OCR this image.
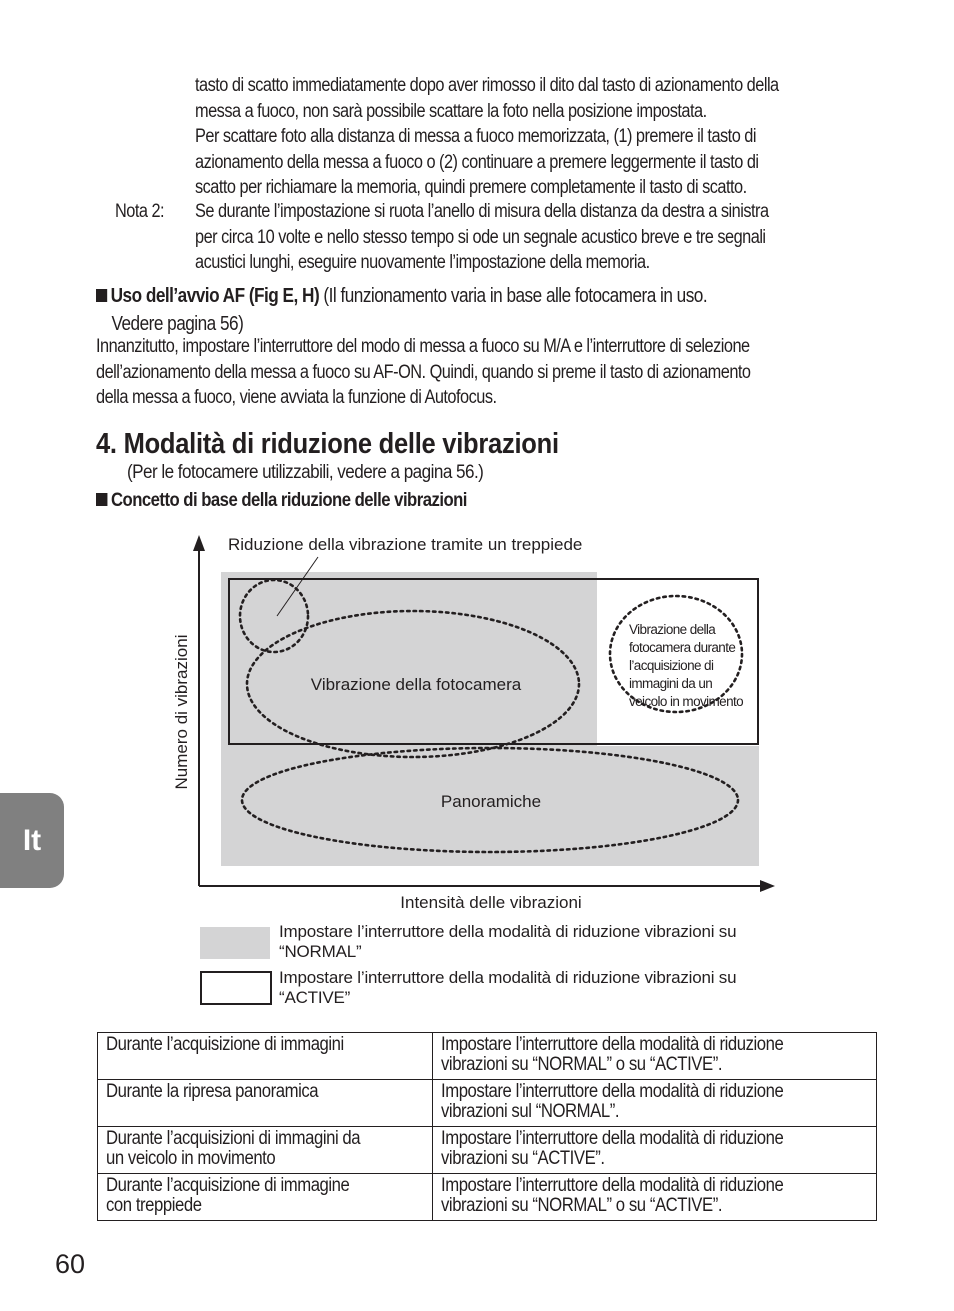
tasto di scatto immediatamente dopo aver rimosso il dito dal tasto di azionamento della
messa a fuoco, non sarà possibile scattare la foto nella posizione impostata.
Per scattare foto alla distanza di messa a fuoco memorizzata, (1) premere il tasto di
azionamento della messa a fuoco o (2) continuare a premere leggermente il tasto di
scatto per richiamare la memoria, quindi premere completamente il tasto di scatto.
Nota 2: Se durante l’impostazione si ruota l’anello di misura della distanza da destra a sinistra
per circa 10 volte e nello stesso tempo si ode un segnale acustico breve e tre segnali
acustici lunghi, eseguire nuovamente l’impostazione della memoria.
Uso dell’avvio AF (Fig E, H) (Il funzionamento varia in base alle fotocamera in uso.
Vedere pagina 56)
Innanzitutto, impostare l’interruttore del modo di messa a fuoco su M/A e l’interruttore di selezione
dell’azionamento della messa a fuoco su AF-ON. Quindi, quando si preme il tasto di azionamento
della messa a fuoco, viene avviata la funzione di Autofocus.
4. Modalità di riduzione delle vibrazioni
(Per le fotocamere utilizzabili, vedere a pagina 56.)
Concetto di base della riduzione delle vibrazioni
Riduzione della vibrazione tramite un treppiede
Vibrazione della fotocamera
Panoramiche
Vibrazione della
fotocamera durante
l’acquisizione di
immagini da un
veicolo in movimento
Numero di vibrazioni
Intensità delle vibrazioni
Impostare l’interruttore della modalità di riduzione vibrazioni su “NORMAL”
Impostare l’interruttore della modalità di riduzione vibrazioni su “ACTIVE”
Durante l’acquisizione di immagini	Impostare l’interruttore della modalità di riduzione
vibrazioni su “NORMAL” o su “ACTIVE”.
Durante la ripresa panoramica	Impostare l’interruttore della modalità di riduzione
vibrazioni sul “NORMAL”.
Durante l’acquisizioni di immagini da
un veicolo in movimento	Impostare l’interruttore della modalità di riduzione
vibrazioni su “ACTIVE”.
Durante l’acquisizione di immagine
con treppiede	Impostare l’interruttore della modalità di riduzione
vibrazioni su “NORMAL” o su “ACTIVE”.
It
60
